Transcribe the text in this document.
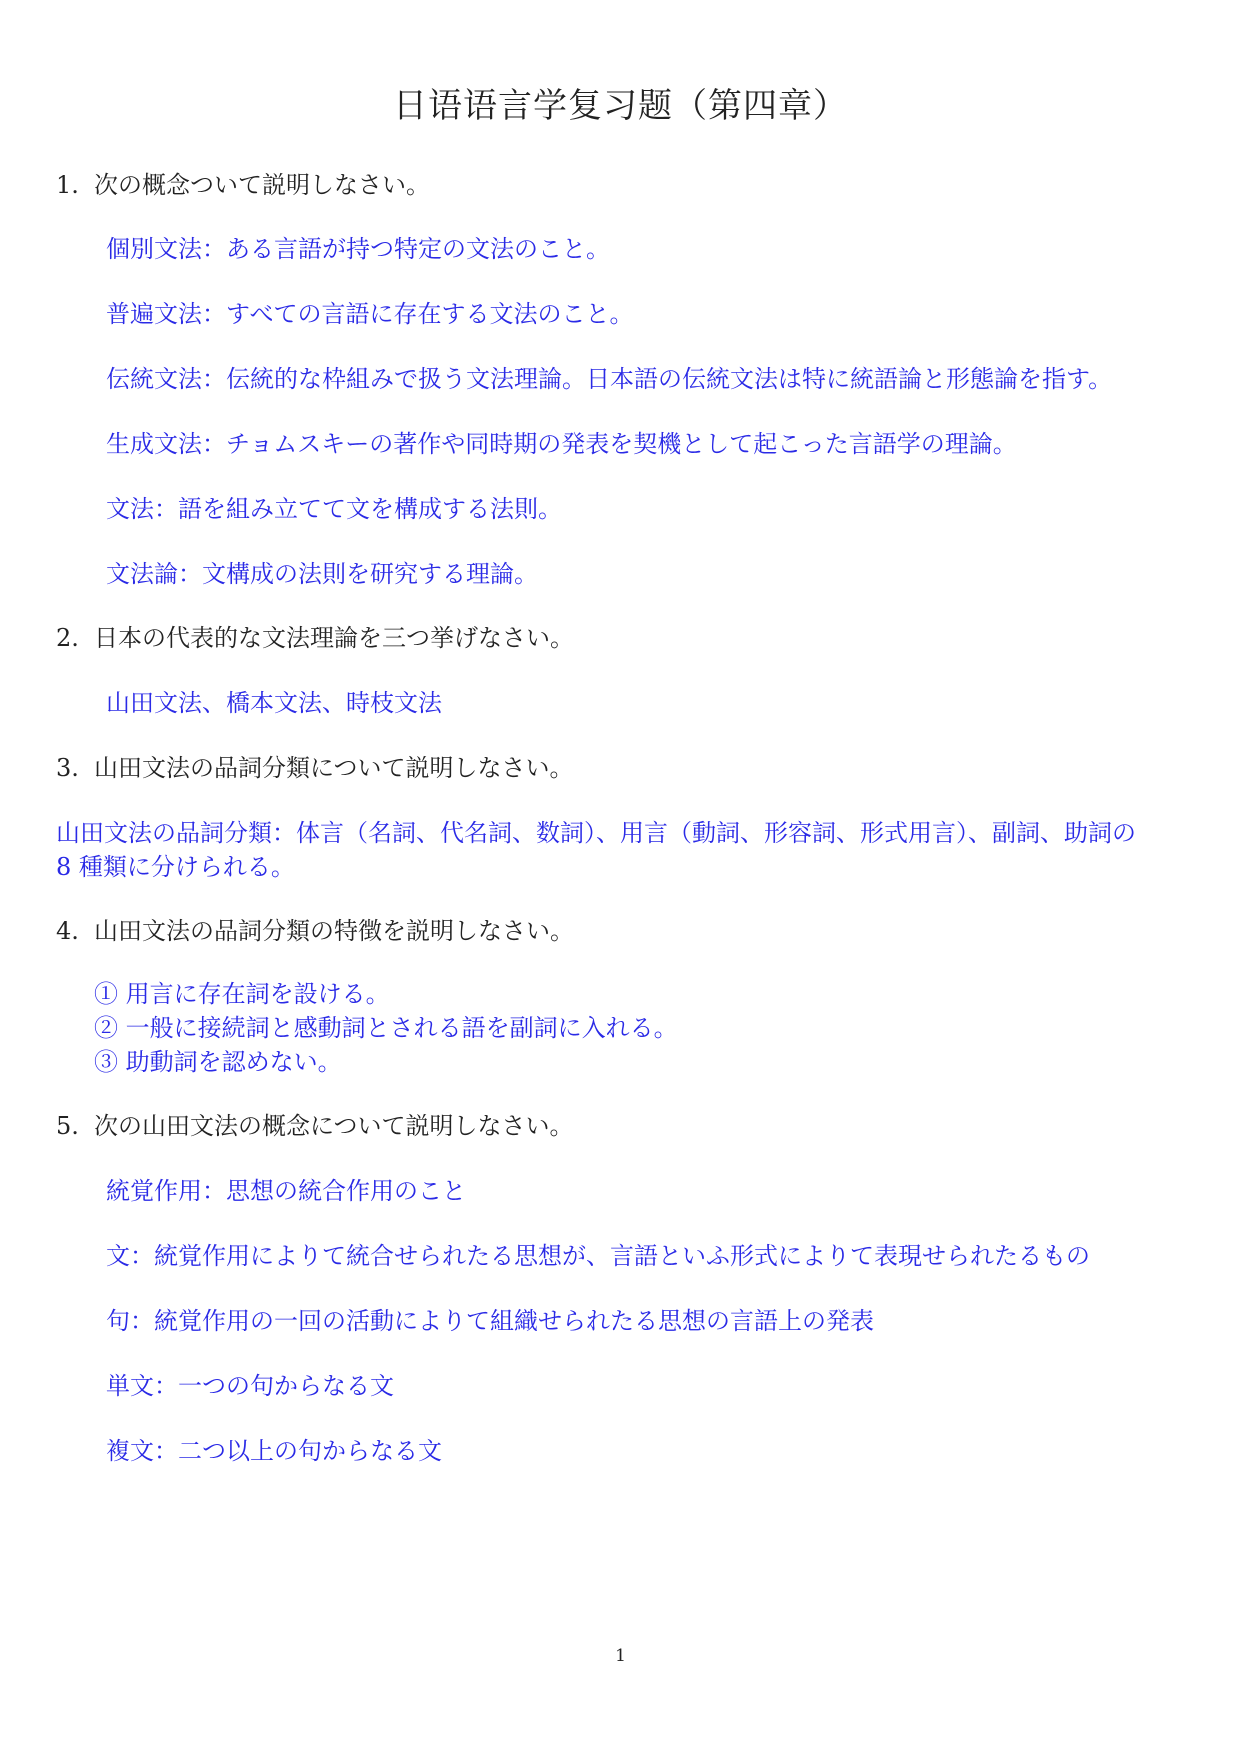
日语语言学复习题（第四章）
1. 次の概念ついて説明しなさい。
個別文法：ある言語が持つ特定の文法のこと。
普遍文法：すべての言語に存在する文法のこと。
伝統文法：伝統的な枠組みで扱う文法理論。日本語の伝統文法は特に統語論と形態論を指す。
生成文法：チョムスキーの著作や同時期の発表を契機として起こった言語学の理論。
文法：語を組み立てて文を構成する法則。
文法論：文構成の法則を研究する理論。
2. 日本の代表的な文法理論を三つ挙げなさい。
山田文法、橋本文法、時枝文法
3. 山田文法の品詞分類について説明しなさい。
山田文法の品詞分類：体言（名詞、代名詞、数詞）、用言（動詞、形容詞、形式用言）、副詞、助詞の
8 種類に分けられる。
4. 山田文法の品詞分類の特徴を説明しなさい。
① 用言に存在詞を設ける。
② 一般に接続詞と感動詞とされる語を副詞に入れる。
③ 助動詞を認めない。
5. 次の山田文法の概念について説明しなさい。
統覚作用：思想の統合作用のこと
文：統覚作用によりて統合せられたる思想が、言語といふ形式によりて表現せられたるもの
句：統覚作用の一回の活動によりて組織せられたる思想の言語上の発表
単文：一つの句からなる文
複文：二つ以上の句からなる文
1
